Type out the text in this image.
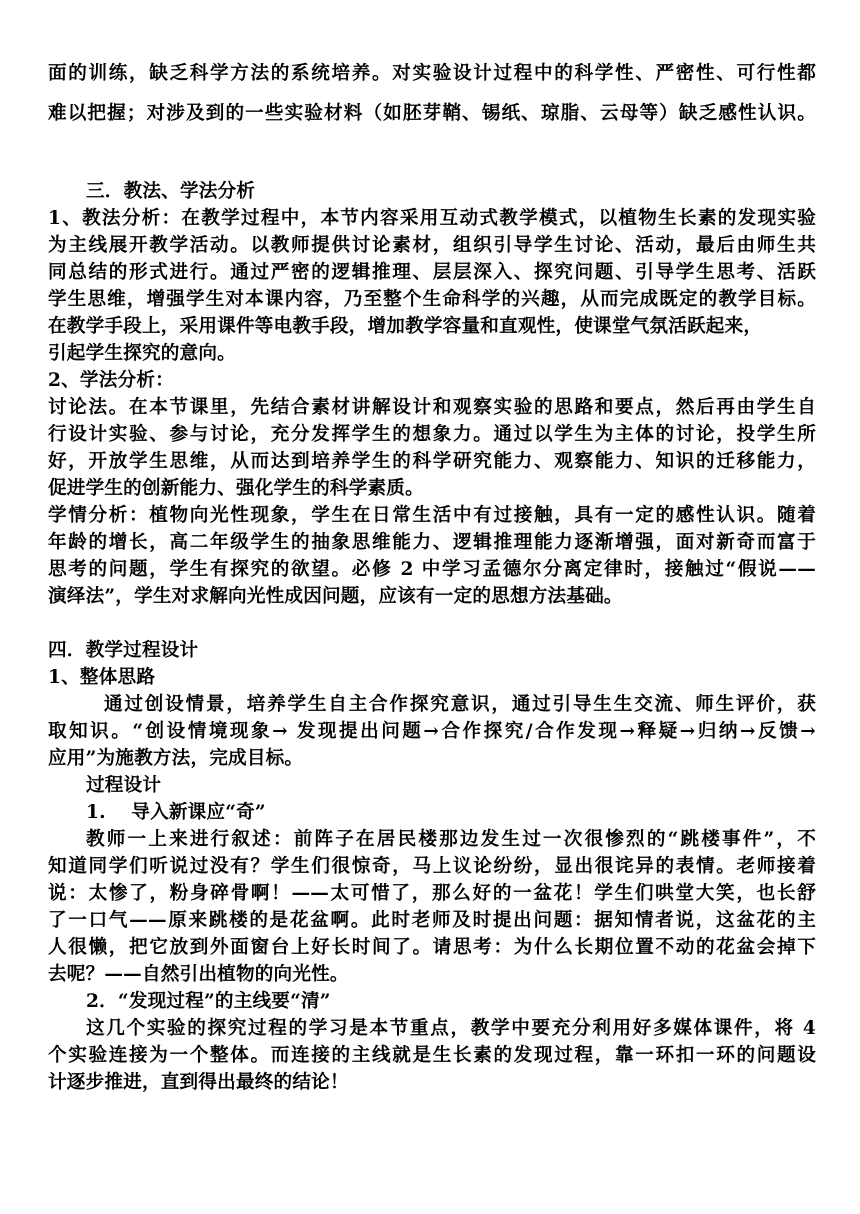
面的训练，缺乏科学方法的系统培养。对实验设计过程中的科学性、严密性、可行性都

难以把握；对涉及到的一些实验材料（如胚芽鞘、锡纸、琼脂、云母等）缺乏感性认识。

三．教法、学法分析

1、教法分析：在教学过程中，本节内容采用互动式教学模式，以植物生长素的发现实验

为主线展开教学活动。以教师提供讨论素材，组织引导学生讨论、活动，最后由师生共

同总结的形式进行。通过严密的逻辑推理、层层深入、探究问题、引导学生思考、活跃

学生思维，增强学生对本课内容，乃至整个生命科学的兴趣，从而完成既定的教学目标。

在教学手段上，采用课件等电教手段，增加教学容量和直观性，使课堂气氛活跃起来，

引起学生探究的意向。

2、学法分析：

讨论法。在本节课里，先结合素材讲解设计和观察实验的思路和要点，然后再由学生自

行设计实验、参与讨论，充分发挥学生的想象力。通过以学生为主体的讨论，投学生所

好，开放学生思维，从而达到培养学生的科学研究能力、观察能力、知识的迁移能力，

促进学生的创新能力、强化学生的科学素质。

学情分析：植物向光性现象，学生在日常生活中有过接触，具有一定的感性认识。随着

年龄的增长，高二年级学生的抽象思维能力、逻辑推理能力逐渐增强，面对新奇而富于

思考的问题，学生有探究的欲望。必修 2 中学习孟德尔分离定律时，接触过“假说——

演绎法”，学生对求解向光性成因问题，应该有一定的思想方法基础。

四．教学过程设计

1、整体思路

通过创设情景，培养学生自主合作探究意识，通过引导生生交流、师生评价，获

取知识。“创设情境现象→ 发现提出问题→合作探究/合作发现→释疑→归纳→反馈→

应用”为施教方法，完成目标。

过程设计

1.　 导入新课应“奇”

教师一上来进行叙述：前阵子在居民楼那边发生过一次很惨烈的“跳楼事件”，不

知道同学们听说过没有？学生们很惊奇，马上议论纷纷，显出很诧异的表情。老师接着

说：太惨了，粉身碎骨啊！——太可惜了，那么好的一盆花！学生们哄堂大笑，也长舒

了一口气——原来跳楼的是花盆啊。此时老师及时提出问题：据知情者说，这盆花的主

人很懒，把它放到外面窗台上好长时间了。请思考：为什么长期位置不动的花盆会掉下

去呢？——自然引出植物的向光性。

2．“发现过程”的主线要“清”

这几个实验的探究过程的学习是本节重点，教学中要充分利用好多媒体课件，将 4

个实验连接为一个整体。而连接的主线就是生长素的发现过程，靠一环扣一环的问题设

计逐步推进，直到得出最终的结论！
